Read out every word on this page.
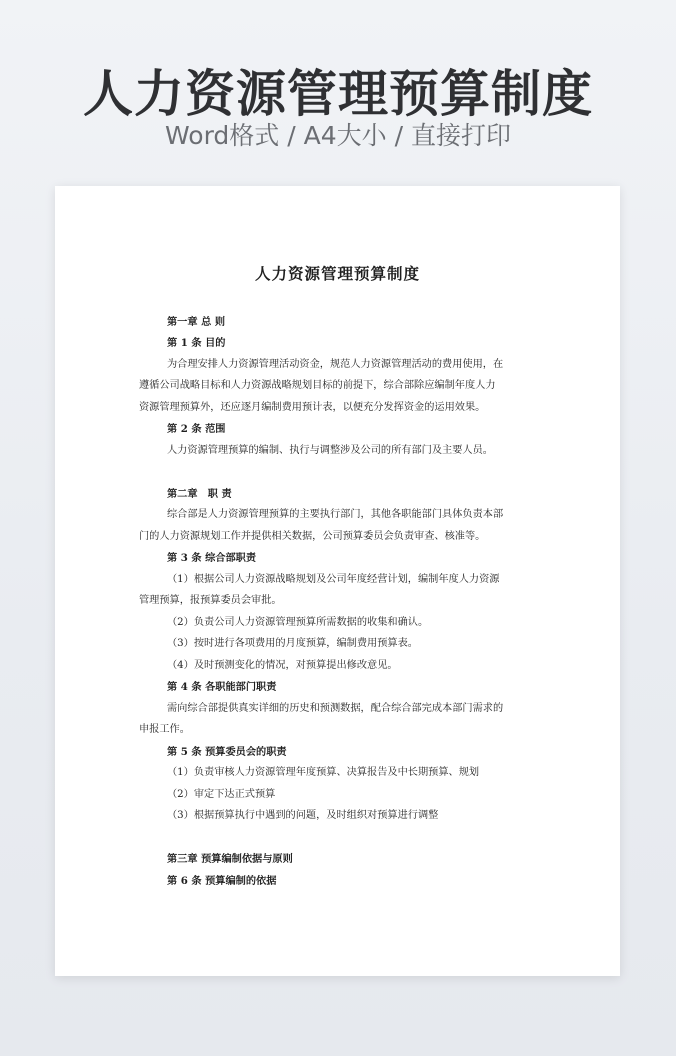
人力资源管理预算制度
Word格式 / A4大小 / 直接打印
人力资源管理预算制度
第一章 总 则
第 1 条 目的
为合理安排人力资源管理活动资金，规范人力资源管理活动的费用使用，在
遵循公司战略目标和人力资源战略规划目标的前提下，综合部除应编制年度人力
资源管理预算外，还应逐月编制费用预计表，以便充分发挥资金的运用效果。
第 2 条 范围
人力资源管理预算的编制、执行与调整涉及公司的所有部门及主要人员。
第二章　职 责
综合部是人力资源管理预算的主要执行部门，其他各职能部门具体负责本部
门的人力资源规划工作并提供相关数据，公司预算委员会负责审查、核准等。
第 3 条 综合部职责
（1）根据公司人力资源战略规划及公司年度经营计划，编制年度人力资源
管理预算，报预算委员会审批。
（2）负责公司人力资源管理预算所需数据的收集和确认。
（3）按时进行各项费用的月度预算，编制费用预算表。
（4）及时预测变化的情况，对预算提出修改意见。
第 4 条 各职能部门职责
需向综合部提供真实详细的历史和预测数据，配合综合部完成本部门需求的
申报工作。
第 5 条 预算委员会的职责
（1）负责审核人力资源管理年度预算、决算报告及中长期预算、规划
（2）审定下达正式预算
（3）根据预算执行中遇到的问题，及时组织对预算进行调整
第三章 预算编制依据与原则
第 6 条 预算编制的依据
